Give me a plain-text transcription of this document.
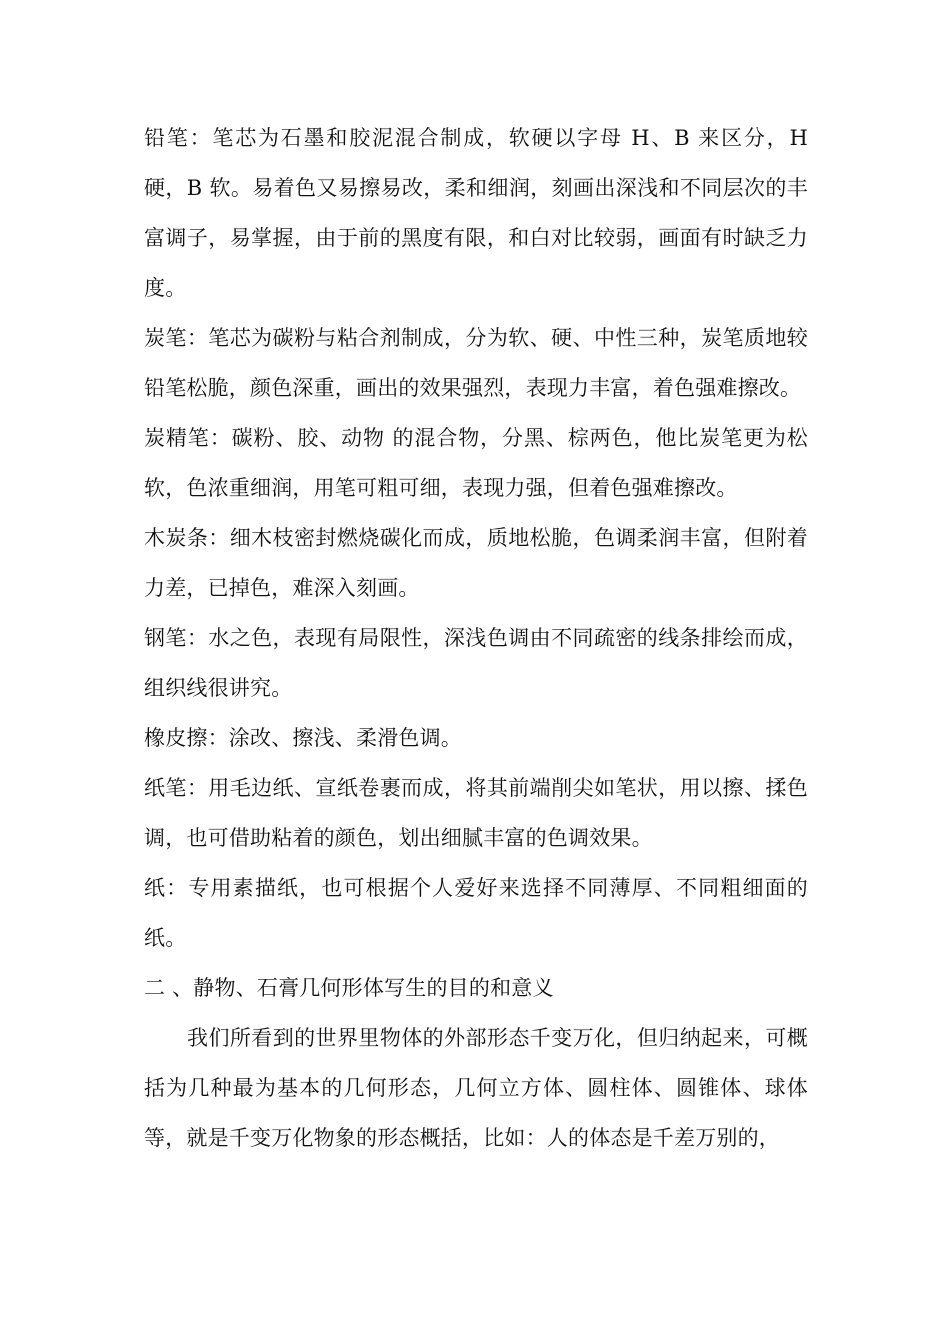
铅笔：笔芯为石墨和胶泥混合制成，软硬以字母 H、B 来区分，H 硬，B 软。易着色又易擦易改，柔和细润，刻画出深浅和不同层次的丰富调子，易掌握，由于前的黑度有限，和白对比较弱，画面有时缺乏力度。

炭笔：笔芯为碳粉与粘合剂制成，分为软、硬、中性三种，炭笔质地较铅笔松脆，颜色深重，画出的效果强烈，表现力丰富，着色强难擦改。

炭精笔：碳粉、胶、动物 的混合物，分黑、棕两色，他比炭笔更为松软，色浓重细润，用笔可粗可细，表现力强，但着色强难擦改。

木炭条：细木枝密封燃烧碳化而成，质地松脆，色调柔润丰富，但附着力差，已掉色，难深入刻画。

钢笔：水之色，表现有局限性，深浅色调由不同疏密的线条排绘而成，组织线很讲究。

橡皮擦：涂改、擦浅、柔滑色调。

纸笔：用毛边纸、宣纸卷裹而成，将其前端削尖如笔状，用以擦、揉色调，也可借助粘着的颜色，划出细腻丰富的色调效果。

纸：专用素描纸，也可根据个人爱好来选择不同薄厚、不同粗细面的纸。

二 、静物、石膏几何形体写生的目的和意义

我们所看到的世界里物体的外部形态千变万化，但归纳起来，可概括为几种最为基本的几何形态，几何立方体、圆柱体、圆锥体、球体等，就是千变万化物象的形态概括，比如：人的体态是千差万别的，
